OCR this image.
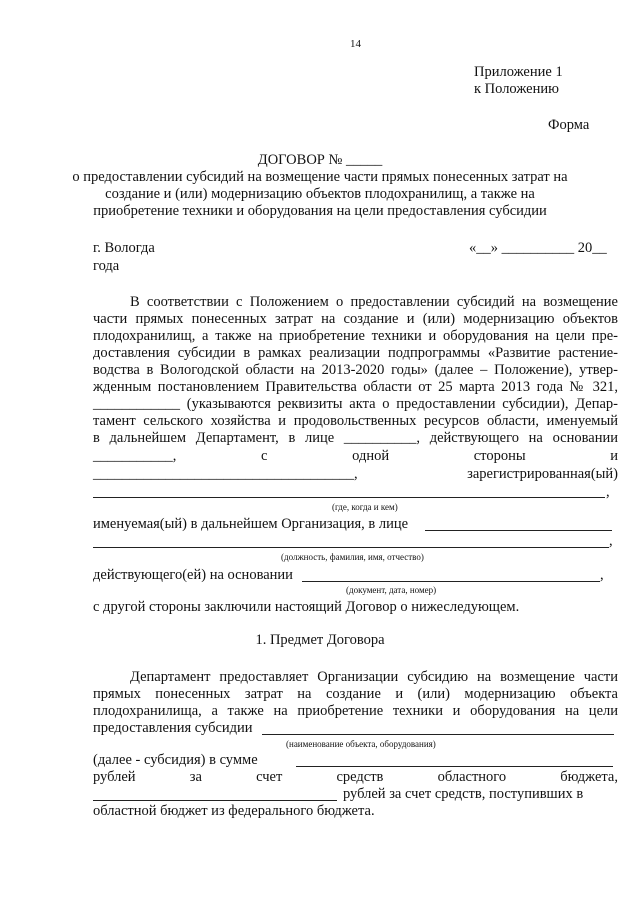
14
Приложение 1
к Положению
Форма
ДОГОВОР № _____
о предоставлении субсидий на возмещение части прямых понесенных затрат на
создание и (или) модернизацию объектов плодохранилищ, а также на
приобретение техники и оборудования на цели предоставления субсидии
г. Вологда	«__» __________ 20__
года
В соответствии с Положением о предоставлении субсидий на возмещение
части прямых понесенных затрат на создание и (или) модернизацию объектов
плодохранилищ, а также на приобретение техники и оборудования на цели пре-
доставления субсидии в рамках реализации подпрограммы «Развитие растение-
водства в Вологодской области на 2013-2020 годы» (далее – Положение), утвер-
жденным постановлением Правительства области от 25 марта 2013 года № 321,
____________ (указываются реквизиты акта о предоставлении субсидии), Депар-
тамент сельского хозяйства и продовольственных ресурсов области, именуемый
в дальнейшем Департамент, в лице __________, действующего на основании
___________, с одной стороны и
____________________________________, зарегистрированная(ый)
,
(где, когда и кем)
именуемая(ый) в дальнейшем Организация, в лице
,
(должность, фамилия, имя, отчество)
действующего(ей) на основании	,
(документ, дата, номер)
с другой стороны заключили настоящий Договор о нижеследующем.
1. Предмет Договора
Департамент предоставляет Организации субсидию на возмещение части
прямых понесенных затрат на создание и (или) модернизацию объекта
плодохранилища, а также на приобретение техники и оборудования на цели
предоставления субсидии
(наименование объекта, оборудования)
(далее - субсидия) в сумме
рублей за счет средств областного бюджета,
рублей за счет средств, поступивших в
областной бюджет из федерального бюджета.
